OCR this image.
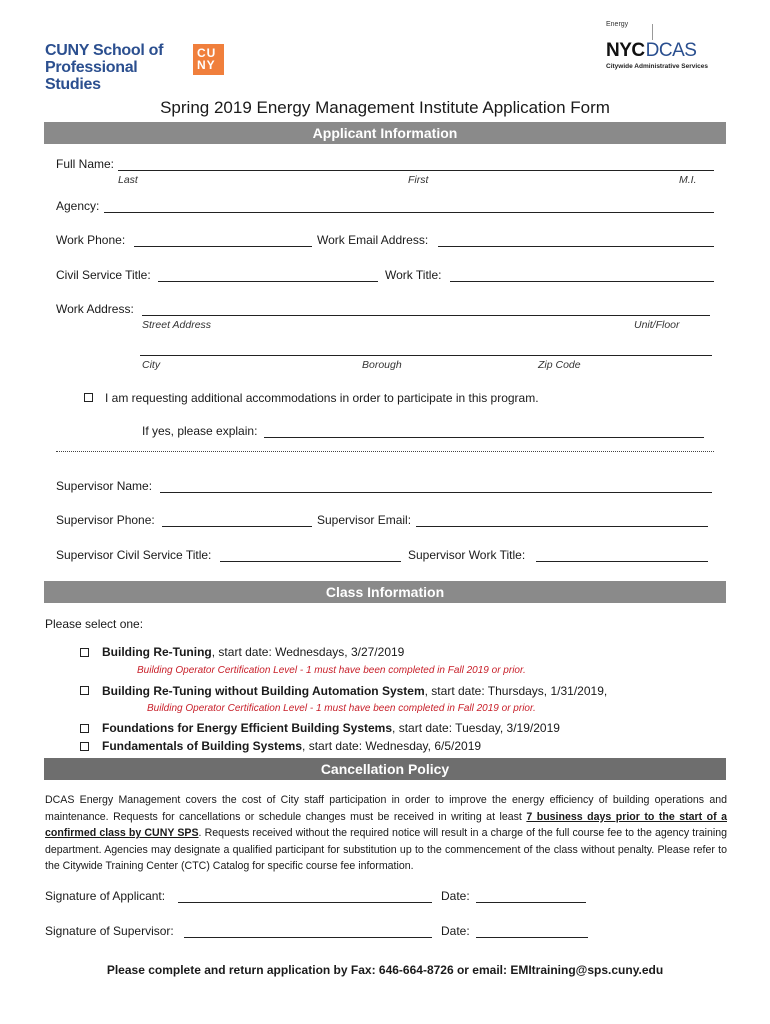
CUNY School of
Professional Studies
CU
NY
Energy
NYCDCAS
Citywide Administrative Services
Spring 2019 Energy Management Institute Application Form
Applicant Information
Full Name:
Last	First	M.I.
Agency:
Work Phone:	Work Email Address:
Civil Service Title:	Work Title:
Work Address:
Street Address	Unit/Floor
City	Borough	Zip Code
I am requesting additional accommodations in order to participate in this program.
If yes, please explain:
Supervisor Name:
Supervisor Phone:	Supervisor Email:
Supervisor Civil Service Title:	Supervisor Work Title:
Class Information
Please select one:
Building Re-Tuning, start date: Wednesdays, 3/27/2019
Building Operator Certification Level - 1 must have been completed in Fall 2019 or prior.
Building Re-Tuning without Building Automation System, start date: Thursdays, 1/31/2019,
Building Operator Certification Level - 1 must have been completed in Fall 2019 or prior.
Foundations for Energy Efficient Building Systems, start date: Tuesday, 3/19/2019
Fundamentals of Building Systems, start date: Wednesday, 6/5/2019
Cancellation Policy
DCAS Energy Management covers the cost of City staff participation in order to improve the energy efficiency of building operations and maintenance. Requests for cancellations or schedule changes must be received in writing at least 7 business days prior to the start of a confirmed class by CUNY SPS. Requests received without the required notice will result in a charge of the full course fee to the agency training department. Agencies may designate a qualified participant for substitution up to the commencement of the class without penalty. Please refer to the Citywide Training Center (CTC) Catalog for specific course fee information.
Signature of Applicant:	Date:
Signature of Supervisor:	Date:
Please complete and return application by Fax: 646-664-8726 or email: EMItraining@sps.cuny.edu
